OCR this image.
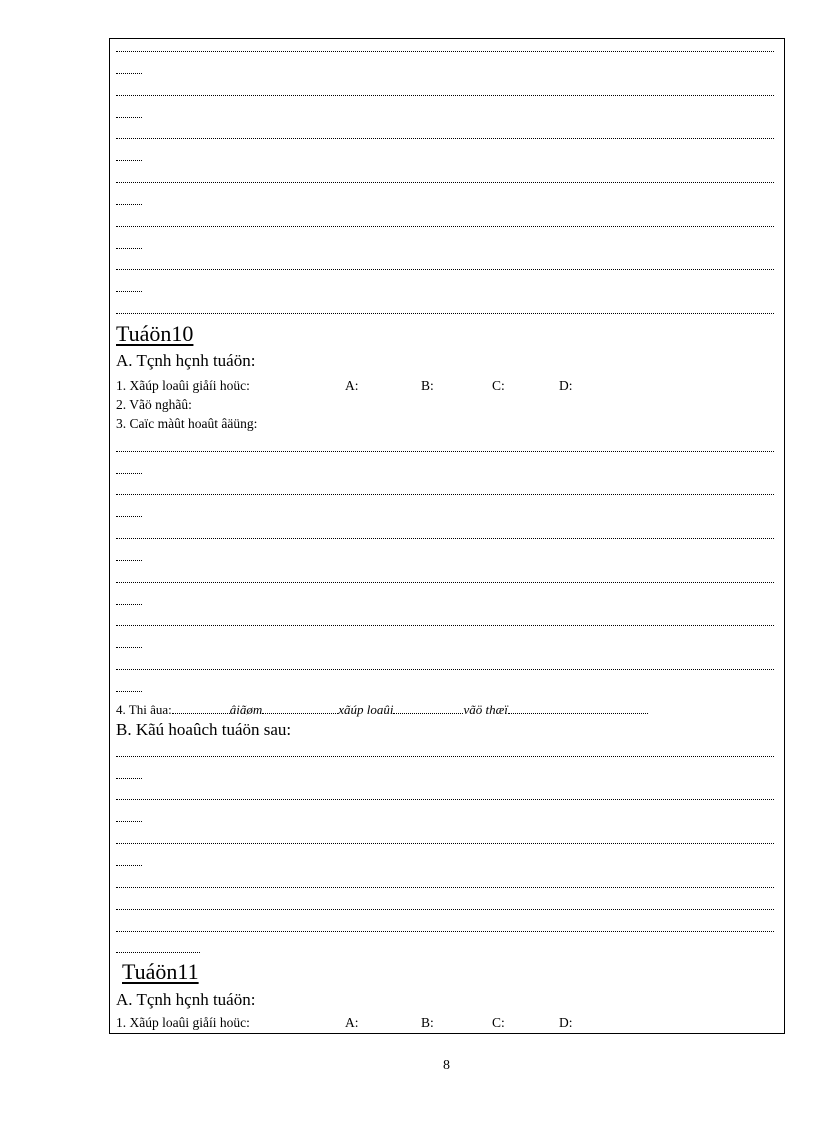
Tuáön10
A. Tçnh hçnh tuáön:
1. Xãúp loaûi giåíi hoüc:	A:	B:	C:	D:
2. Vãö nghãû:
3. Caïc màût hoaût âäüng:
4. Thi âua:	âiãøm	xãúp loaûi	vãö thæï
B. Kãú hoaûch tuáön sau:
Tuáön11
A. Tçnh hçnh tuáön:
1. Xãúp loaûi giåíi hoüc:	A:	B:	C:	D:
8
